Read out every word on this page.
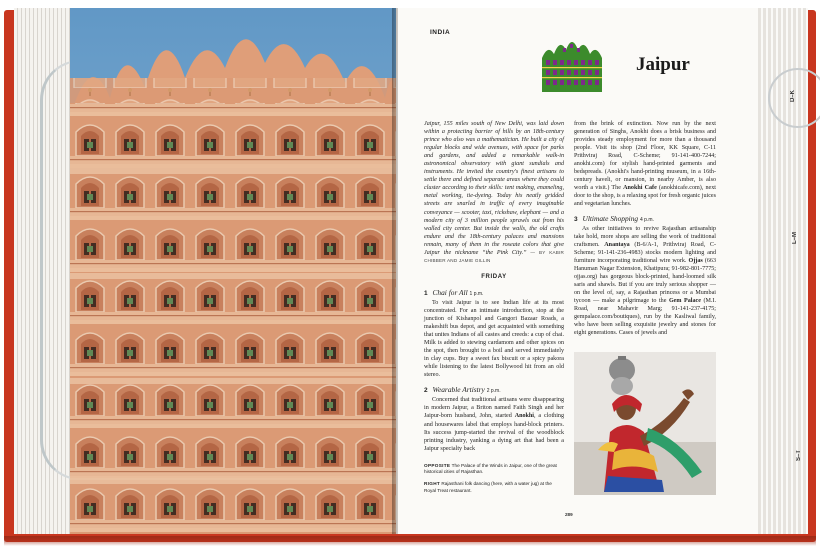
D–K
L–M
S–T
INDIA
Jaipur

Jaipur, 155 miles south of New Delhi, was laid down within a protecting barrier of hills by an 18th-century prince who also was a mathematician. He built a city of regular blocks and wide avenues, with space for parks and gardens, and added a remarkable walk-in astronomical observatory with giant sundials and instruments. He invited the country's finest artisans to settle there and defined separate areas where they could cluster according to their skills: tent making, enameling, metal working, tie-dyeing. Today his neatly gridded streets are snarled in traffic of every imaginable conveyance — scooter, taxi, rickshaw, elephant — and a modern city of 3 million people sprawls out from his walled city center. But inside the walls, the old crafts endure and the 18th-century palaces and mansions remain, many of them in the roseate colors that give Jaipur the nickname “the Pink City.” — BY KABIR CHIBBER AND JAMIE GILLIN

FRIDAY
1 Chai for All 1 p.m.

To visit Jaipur is to see Indian life at its most concentrated. For an intimate introduction, stop at the junction of Kishanpol and Gangori Bazaar Roads, a makeshift bus depot, and get acquainted with something that unites Indians of all castes and creeds: a cup of chai. Milk is added to stewing cardamom and other spices on the spot, then brought to a boil and served immediately in clay cups. Buy a sweet fax biscuit or a spicy pakora while listening to the latest Bollywood hit from an old stereo.

2 Wearable Artistry 2 p.m.

Concerned that traditional artisans were disappearing in modern Jaipur, a Briton named Faith Singh and her Jaipur-born husband, John, started Anokhi, a clothing and housewares label that employs hand-block printers. Its success jump-started the revival of the woodblock printing industry, yanking a dying art that had been a Jaipur specialty back

OPPOSITE The Palace of the Winds in Jaipur, one of the great historical cities of Rajasthan.
RIGHT Rajasthani folk dancing (here, with a water jug) at the Royal Treat restaurant.

from the brink of extinction. Now run by the next generation of Singhs, Anokhi does a brisk business and provides steady employment for more than a thousand people. Visit its shop (2nd Floor, KK Square, C-11 Prithviraj Road, C-Scheme; 91-141-400-7244; anokhi.com) for stylish hand-printed garments and bedspreads. (Anokhi's hand-printing museum, in a 16th-century haveli, or mansion, in nearby Amber, is also worth a visit.) The Anokhi Cafe (anokhicafe.com), next door to the shop, is a relaxing spot for fresh organic juices and vegetarian lunches.

3 Ultimate Shopping 4 p.m.

As other initiatives to revive Rajasthan artisanship take hold, more shops are selling the work of traditional craftsmen. Anantaya (B-6/A-1, Prithviraj Road, C-Scheme; 91-141-236-4983) stocks modern lighting and furniture incorporating traditional wire work. Ojjas (663 Hanuman Nagar Extension, Khatipura; 91-982-801-7775; ojjas.org) has gorgeous block-printed, hand-loomed silk saris and shawls. But if you are truly serious shopper — on the level of, say, a Rajasthan princess or a Mumbai tycoon — make a pilgrimage to the Gem Palace (M.I. Road, near Mahavir Marg; 91-141-237-4175; gempalace.com/boutiques), run by the Kasliwal family, who have been selling exquisite jewelry and stones for eight generations. Cases of jewels and

289
